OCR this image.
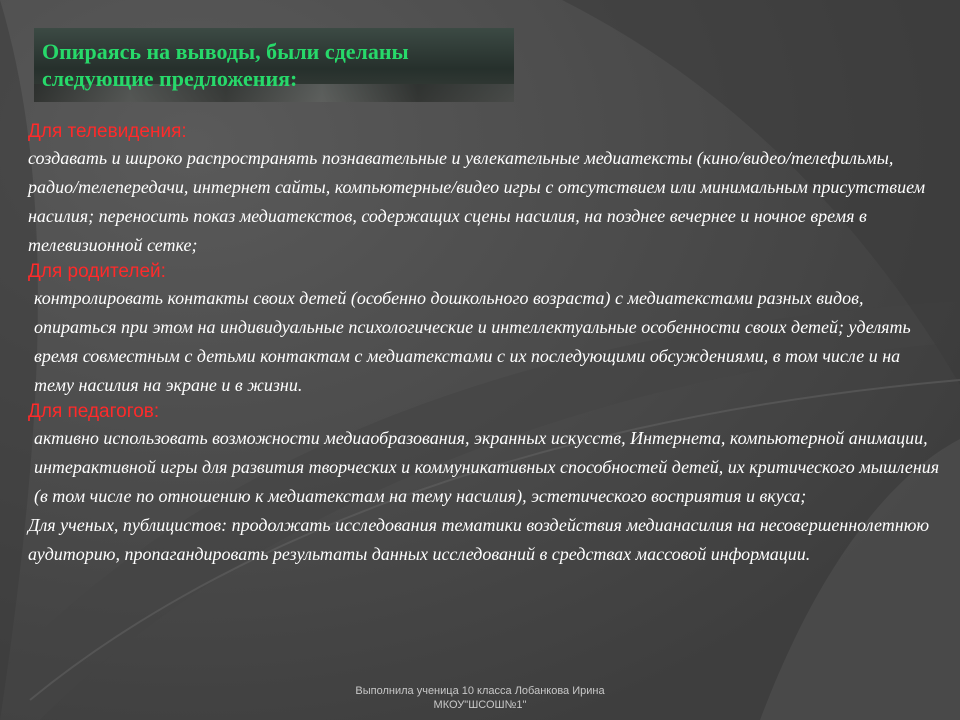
Опираясь на выводы, были сделаны следующие предложения:
Для телевидения:

создавать и широко распространять познавательные и увлекательные медиатексты (кино/видео/телефильмы, радио/телепередачи, интернет сайты, компьютерные/видео игры с отсутствием или минимальным присутствием насилия; переносить показ медиатекстов, содержащих сцены насилия, на позднее вечернее и ночное время в телевизионной сетке;

Для родителей:

контролировать контакты своих детей (особенно дошкольного возраста) с медиатекстами разных видов, опираться при этом на индивидуальные психологические и интеллектуальные особенности своих детей; уделять время совместным с детьми контактам с медиатекстами с их последующими обсуждениями, в том числе и на тему насилия на экране и в жизни.

Для педагогов:

активно использовать возможности медиаобразования, экранных искусств, Интернета, компьютерной анимации, интерактивной игры для развития творческих и коммуникативных способностей детей, их критического мышления (в том числе по отношению к медиатекстам на тему насилия), эстетического восприятия и вкуса;

Для ученых, публицистов: продолжать исследования тематики воздействия медианасилия на несовершеннолетнюю аудиторию, пропагандировать результаты данных исследований в средствах массовой информации.

Выполнила ученица 10 класса Лобанкова Ирина
МКОУ"ШСОШ№1"
